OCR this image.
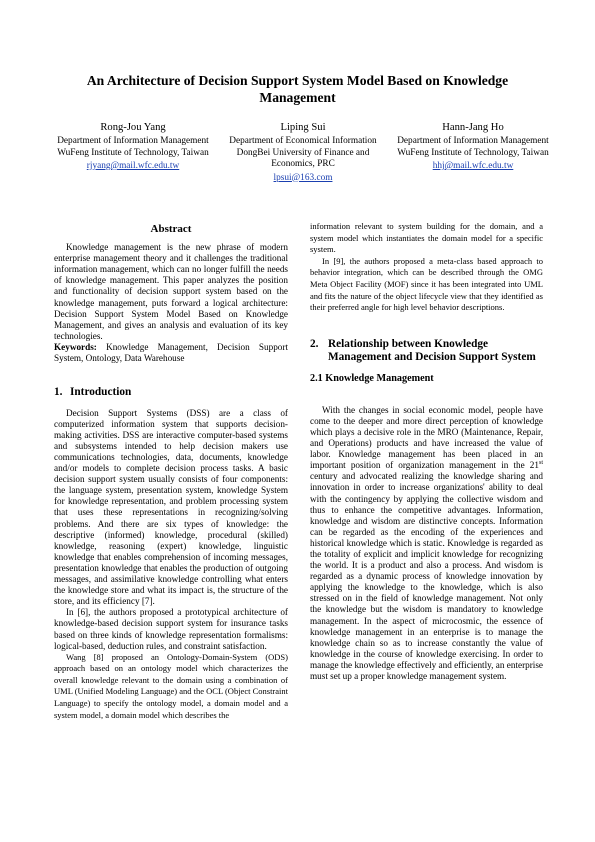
An Architecture of Decision Support System Model Based on Knowledge Management
Rong-Jou Yang
Department of Information Management
WuFeng Institute of Technology, Taiwan
rjyang@mail.wfc.edu.tw
Liping Sui
Department of Economical Information
DongBei University of Finance and Economics, PRC
lpsui@163.com
Hann-Jang Ho
Department of Information Management
WuFeng Institute of Technology, Taiwan
hhj@mail.wfc.edu.tw
Abstract

Knowledge management is the new phrase of modern enterprise management theory and it challenges the traditional information management, which can no longer fulfill the needs of knowledge management. This paper analyzes the position and functionality of decision support system based on the knowledge management, puts forward a logical architecture: Decision Support System Model Based on Knowledge Management, and gives an analysis and evaluation of its key technologies.

Keywords: Knowledge Management, Decision Support System, Ontology, Data Warehouse

1. Introduction

Decision Support Systems (DSS) are a class of computerized information system that supports decision-making activities. DSS are interactive computer-based systems and subsystems intended to help decision makers use communications technologies, data, documents, knowledge and/or models to complete decision process tasks. A basic decision support system usually consists of four components: the language system, presentation system, knowledge System for knowledge representation, and problem processing system that uses these representations in recognizing/solving problems. And there are six types of knowledge: the descriptive (informed) knowledge, procedural (skilled) knowledge, reasoning (expert) knowledge, linguistic knowledge that enables comprehension of incoming messages, presentation knowledge that enables the production of outgoing messages, and assimilative knowledge controlling what enters the knowledge store and what its impact is, the structure of the store, and its efficiency [7].

In [6], the authors proposed a prototypical architecture of knowledge-based decision support system for insurance tasks based on three kinds of knowledge representation formalisms: logical-based, deduction rules, and constraint satisfaction.

Wang [8] proposed an Ontology-Domain-System (ODS) approach based on an ontology model which characterizes the overall knowledge relevant to the domain using a combination of UML (Unified Modeling Language) and the OCL (Object Constraint Language) to specify the ontology model, a domain model and a system model, a domain model which describes the

information relevant to system building for the domain, and a system model which instantiates the domain model for a specific system.

In [9], the authors proposed a meta-class based approach to behavior integration, which can be described through the OMG Meta Object Facility (MOF) since it has been integrated into UML and fits the nature of the object lifecycle view that they identified as their preferred angle for high level behavior descriptions.

2. Relationship between Knowledge Management and Decision Support System
2.1 Knowledge Management

With the changes in social economic model, people have come to the deeper and more direct perception of knowledge which plays a decisive role in the MRO (Maintenance, Repair, and Operations) products and have increased the value of labor. Knowledge management has been placed in an important position of organization management in the 21st century and advocated realizing the knowledge sharing and innovation in order to increase organizations' ability to deal with the contingency by applying the collective wisdom and thus to enhance the competitive advantages. Information, knowledge and wisdom are distinctive concepts. Information can be regarded as the encoding of the experiences and historical knowledge which is static. Knowledge is regarded as the totality of explicit and implicit knowledge for recognizing the world. It is a product and also a process. And wisdom is regarded as a dynamic process of knowledge innovation by applying the knowledge to the knowledge, which is also stressed on in the field of knowledge management. Not only the knowledge but the wisdom is mandatory to knowledge management. In the aspect of microcosmic, the essence of knowledge management in an enterprise is to manage the knowledge chain so as to increase constantly the value of knowledge in the course of knowledge exercising. In order to manage the knowledge effectively and efficiently, an enterprise must set up a proper knowledge management system.
